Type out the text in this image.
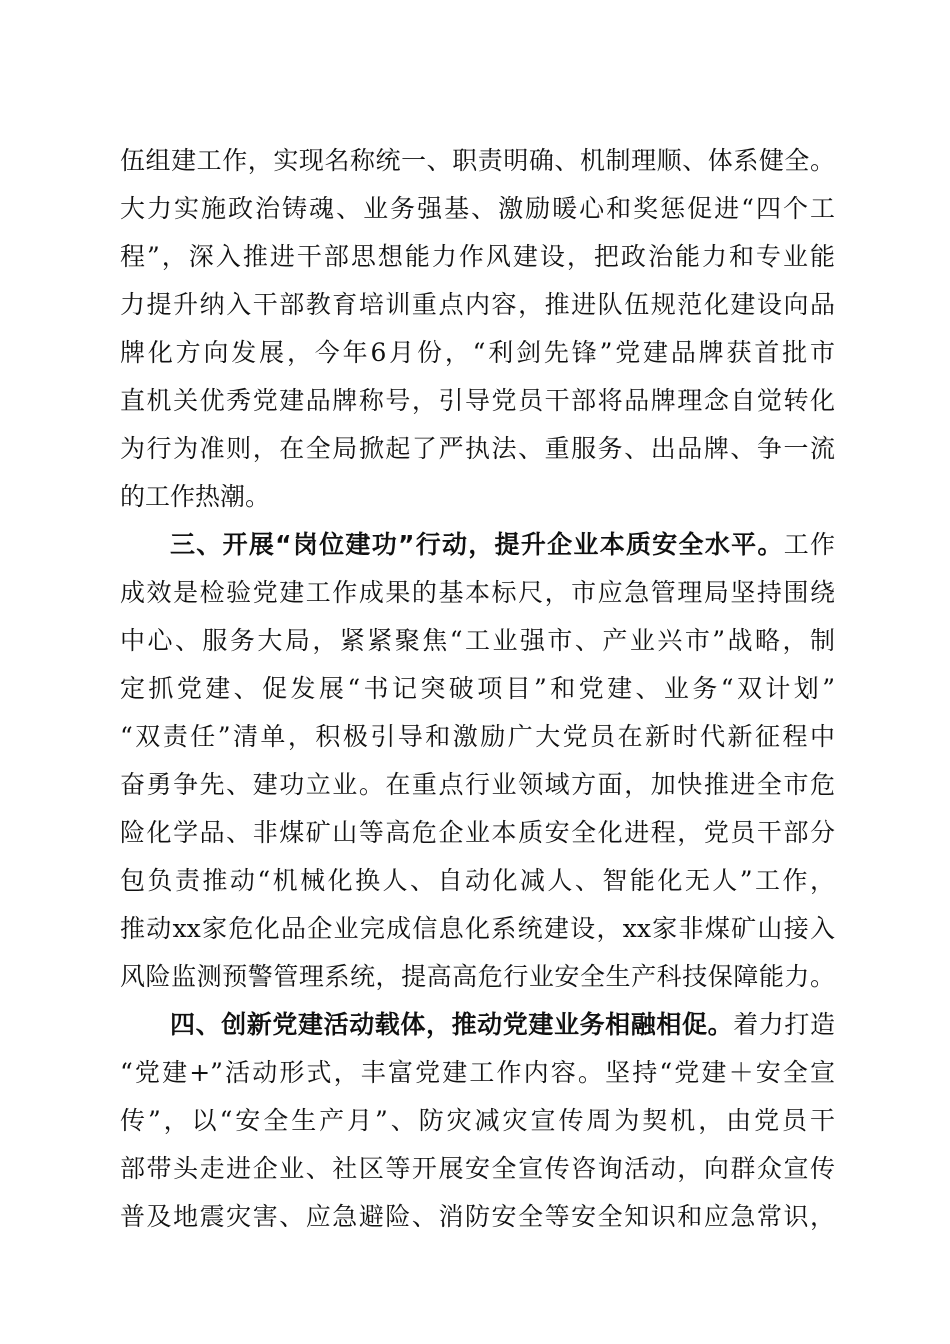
伍组建工作，实现名称统一、职责明确、机制理顺、体系健全。
大力实施政治铸魂、业务强基、激励暖心和奖惩促进“四个工
程”，深入推进干部思想能力作风建设，把政治能力和专业能
力提升纳入干部教育培训重点内容，推进队伍规范化建设向品
牌化方向发展，今年6月份，“利剑先锋”党建品牌获首批市
直机关优秀党建品牌称号，引导党员干部将品牌理念自觉转化
为行为准则，在全局掀起了严执法、重服务、出品牌、争一流
的工作热潮。
三、开展“岗位建功”行动，提升企业本质安全水平。工作
成效是检验党建工作成果的基本标尺，市应急管理局坚持围绕
中心、服务大局，紧紧聚焦“工业强市、产业兴市”战略，制
定抓党建、促发展“书记突破项目”和党建、业务“双计划”
“双责任”清单，积极引导和激励广大党员在新时代新征程中
奋勇争先、建功立业。在重点行业领域方面，加快推进全市危
险化学品、非煤矿山等高危企业本质安全化进程，党员干部分
包负责推动“机械化换人、自动化减人、智能化无人”工作，
推动xx家危化品企业完成信息化系统建设，xx家非煤矿山接入
风险监测预警管理系统，提高高危行业安全生产科技保障能力。
四、创新党建活动载体，推动党建业务相融相促。着力打造
“党建+”活动形式，丰富党建工作内容。坚持“党建＋安全宣
传”，以“安全生产月”、防灾减灾宣传周为契机，由党员干
部带头走进企业、社区等开展安全宣传咨询活动，向群众宣传
普及地震灾害、应急避险、消防安全等安全知识和应急常识，
